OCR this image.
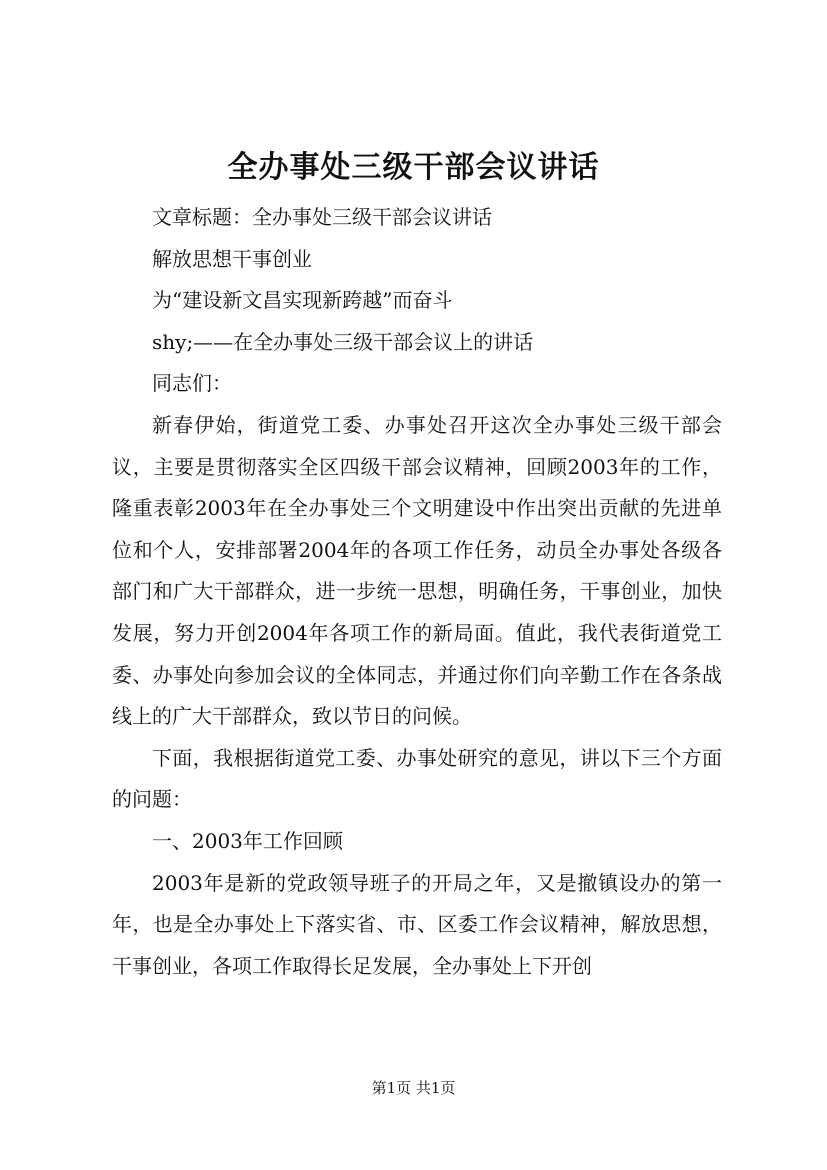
全办事处三级干部会议讲话

文章标题：全办事处三级干部会议讲话

解放思想干事创业

为“建设新文昌实现新跨越”而奋斗

shy;——在全办事处三级干部会议上的讲话

同志们：

新春伊始，街道党工委、办事处召开这次全办事处三级干部会议，主要是贯彻落实全区四级干部会议精神，回顾2003年的工作，隆重表彰2003年在全办事处三个文明建设中作出突出贡献的先进单位和个人，安排部署2004年的各项工作任务，动员全办事处各级各部门和广大干部群众，进一步统一思想，明确任务，干事创业，加快发展，努力开创2004年各项工作的新局面。值此，我代表街道党工委、办事处向参加会议的全体同志，并通过你们向辛勤工作在各条战线上的广大干部群众，致以节日的问候。

下面，我根据街道党工委、办事处研究的意见，讲以下三个方面的问题：

一、2003年工作回顾

2003年是新的党政领导班子的开局之年，又是撤镇设办的第一年，也是全办事处上下落实省、市、区委工作会议精神，解放思想，干事创业，各项工作取得长足发展，全办事处上下开创

第1页 共1页
